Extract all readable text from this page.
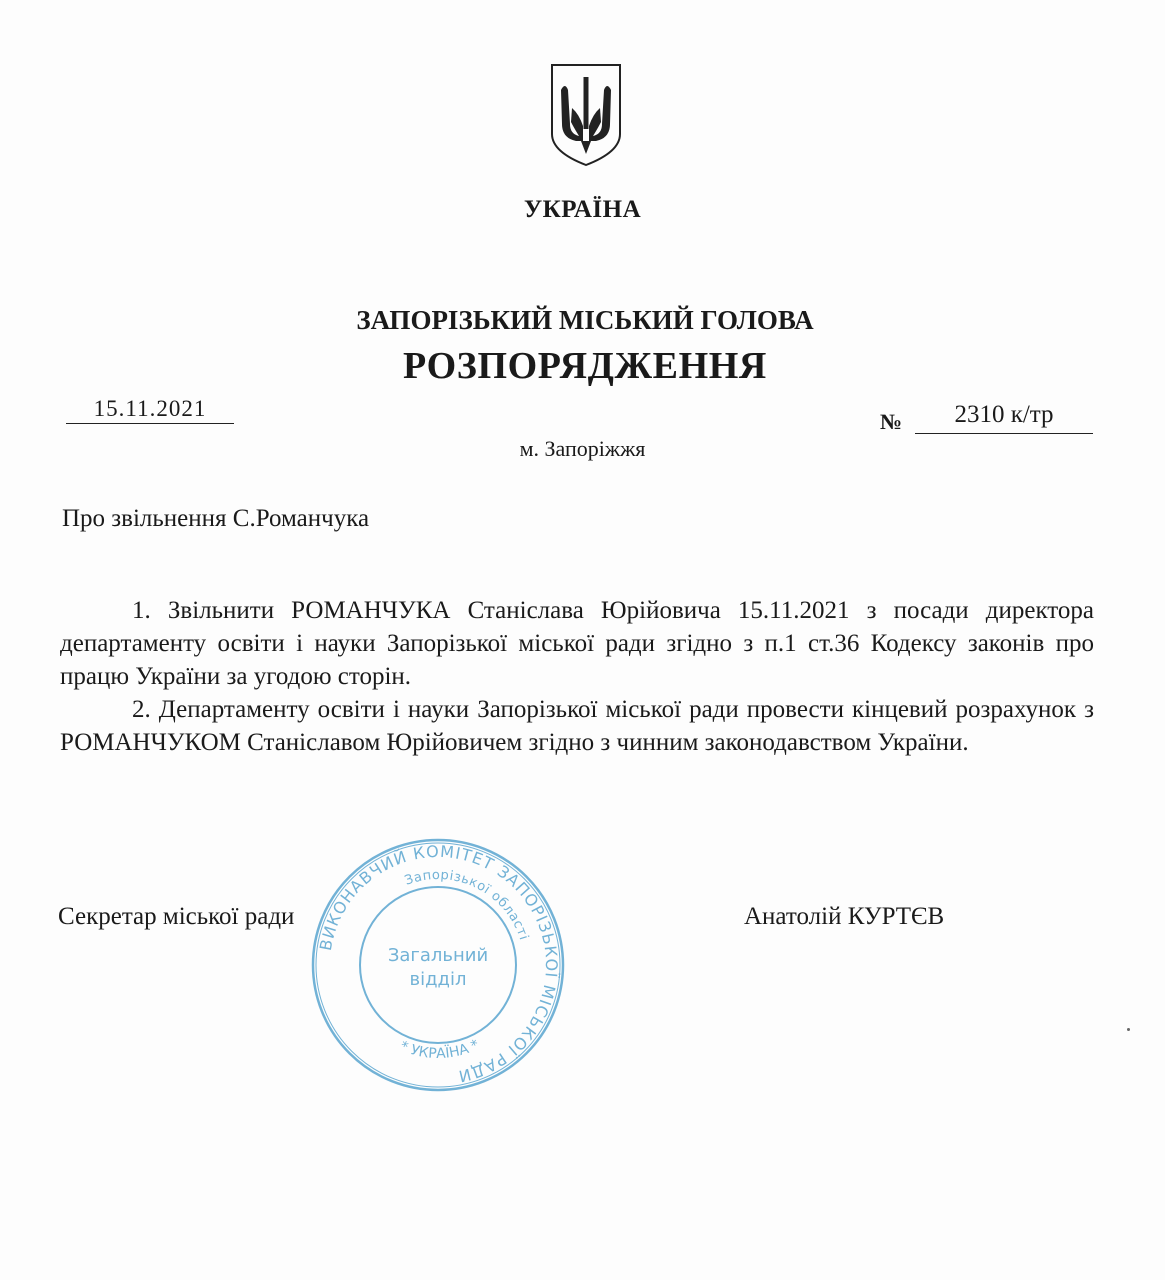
УКРАЇНА
ЗАПОРІЗЬКИЙ МІСЬКИЙ ГОЛОВА
РОЗПОРЯДЖЕННЯ
15.11.2021
№	2310 к/тр
м. Запоріжжя
Про звільнення С.Романчука

1. Звільнити РОМАНЧУКА Станіслава Юрійовича 15.11.2021 з посади директора департаменту освіти і науки Запорізької міської ради згідно з п.1 ст.36 Кодексу законів про працю України за угодою сторін.

2. Департаменту освіти і науки Запорізької міської ради провести кінцевий розрахунок з РОМАНЧУКОМ Станіславом Юрійовичем згідно з чинним законодавством України.

Секретар міської ради	Анатолій КУРТЄВ
ВИКОНАВЧИЙ КОМІТЕТ ЗАПОРІЗЬКОЇ МІСЬКОЇ РАДИ
Запорізької області
* УКРАЇНА *
Загальний
відділ
